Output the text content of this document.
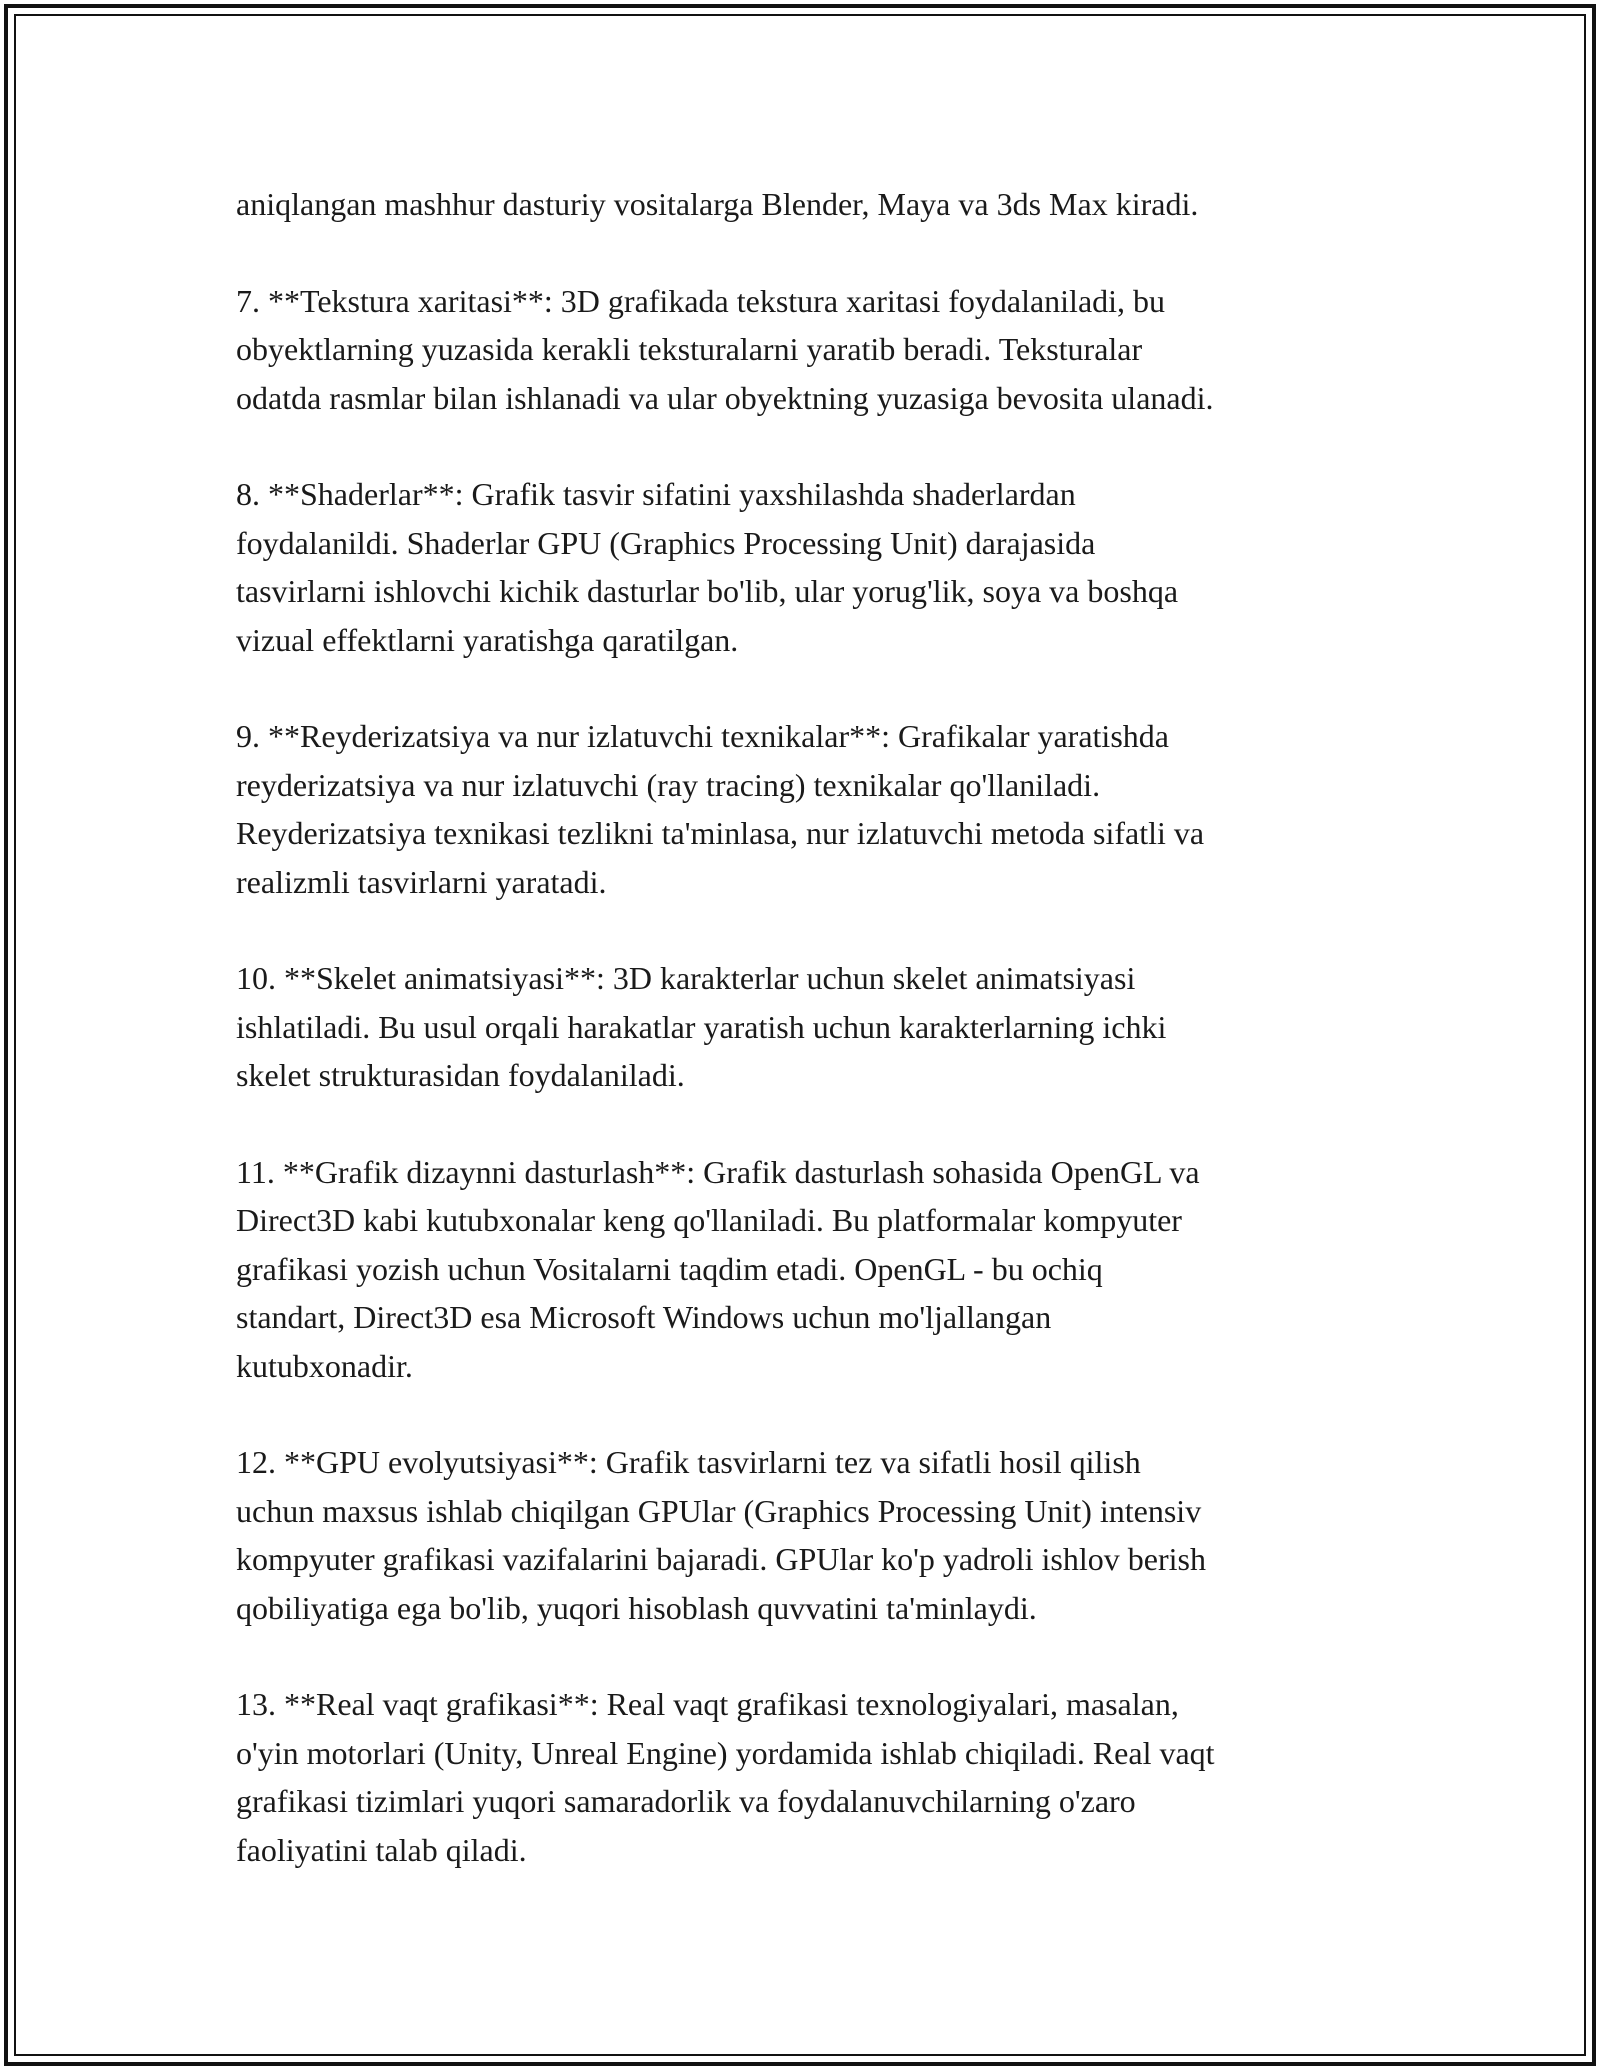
aniqlangan mashhur dasturiy vositalarga Blender, Maya va 3ds Max kiradi.

7. **Tekstura xaritasi**: 3D grafikada tekstura xaritasi foydalaniladi, bu
obyektlarning yuzasida kerakli teksturalarni yaratib beradi. Teksturalar
odatda rasmlar bilan ishlanadi va ular obyektning yuzasiga bevosita ulanadi.

8. **Shaderlar**: Grafik tasvir sifatini yaxshilashda shaderlardan
foydalanildi. Shaderlar GPU (Graphics Processing Unit) darajasida
tasvirlarni ishlovchi kichik dasturlar bo'lib, ular yorug'lik, soya va boshqa
vizual effektlarni yaratishga qaratilgan.

9. **Reyderizatsiya va nur izlatuvchi texnikalar**: Grafikalar yaratishda
reyderizatsiya va nur izlatuvchi (ray tracing) texnikalar qo'llaniladi.
Reyderizatsiya texnikasi tezlikni ta'minlasa, nur izlatuvchi metoda sifatli va
realizmli tasvirlarni yaratadi.

10. **Skelet animatsiyasi**: 3D karakterlar uchun skelet animatsiyasi
ishlatiladi. Bu usul orqali harakatlar yaratish uchun karakterlarning ichki
skelet strukturasidan foydalaniladi.

11. **Grafik dizaynni dasturlash**: Grafik dasturlash sohasida OpenGL va
Direct3D kabi kutubxonalar keng qo'llaniladi. Bu platformalar kompyuter
grafikasi yozish uchun Vositalarni taqdim etadi. OpenGL - bu ochiq
standart, Direct3D esa Microsoft Windows uchun mo'ljallangan
kutubxonadir.

12. **GPU evolyutsiyasi**: Grafik tasvirlarni tez va sifatli hosil qilish
uchun maxsus ishlab chiqilgan GPUlar (Graphics Processing Unit) intensiv
kompyuter grafikasi vazifalarini bajaradi. GPUlar ko'p yadroli ishlov berish
qobiliyatiga ega bo'lib, yuqori hisoblash quvvatini ta'minlaydi.

13. **Real vaqt grafikasi**: Real vaqt grafikasi texnologiyalari, masalan,
o'yin motorlari (Unity, Unreal Engine) yordamida ishlab chiqiladi. Real vaqt
grafikasi tizimlari yuqori samaradorlik va foydalanuvchilarning o'zaro
faoliyatini talab qiladi.
